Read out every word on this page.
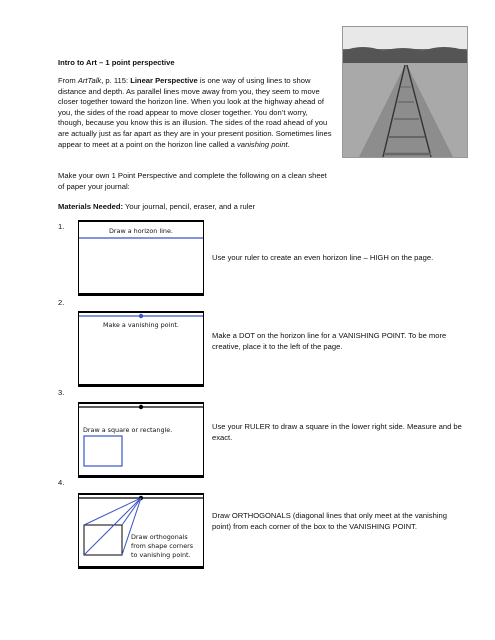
Intro to Art – 1 point perspective
From ArtTalk, p. 115: Linear Perspective is one way of using lines to show distance and depth. As parallel lines move away from you, they seem to move closer together toward the horizon line. When you look at the highway ahead of you, the sides of the road appear to move closer together. You don’t worry, though, because you know this is an illusion. The sides of the road ahead of you are actually just as far apart as they are in your present position. Sometimes lines appear to meet at a point on the horizon line called a vanishing point.
Make your own 1 Point Perspective and complete the following on a clean sheet of paper your journal:
Materials Needed: Your journal, pencil, eraser, and a ruler
1.	Draw a horizon line.
Use your ruler to create an even horizon line – HIGH on the page.
2.
Make a vanishing point.
Make a DOT on the horizon line for a VANISHING POINT. To be more creative, place it to the left of the page.
3.
Draw a square or rectangle.	Use your RULER to draw a square in the lower right side. Measure and be exact.
4.
Draw orthogonals
from shape corners
to vanishing point.
Draw ORTHOGONALS (diagonal lines that only meet at the vanishing point) from each corner of the box to the VANISHING POINT.
